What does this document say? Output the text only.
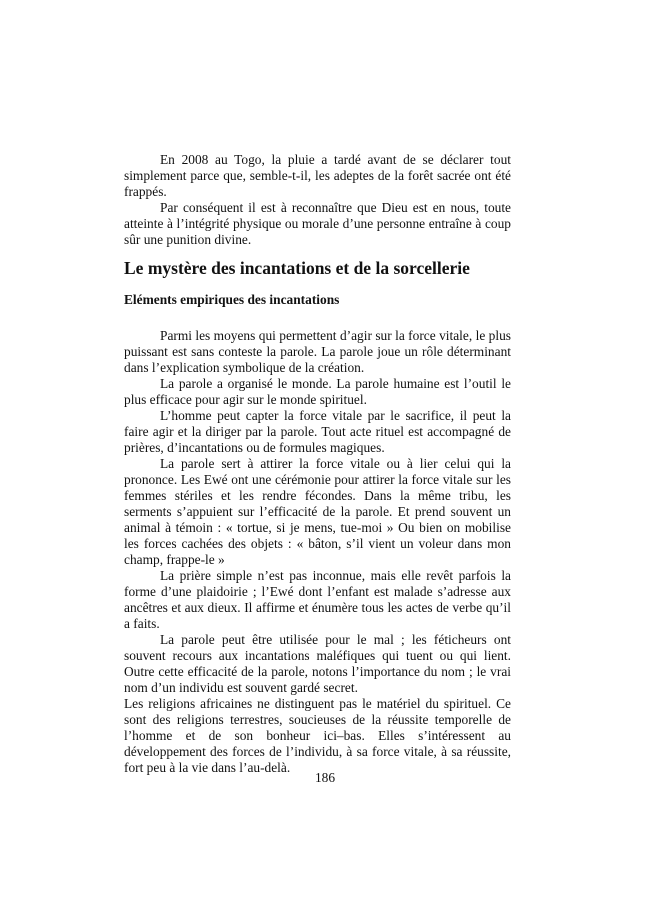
En 2008 au Togo, la pluie a tardé avant de se déclarer tout simplement parce que, semble-t-il, les adeptes de la forêt sacrée ont été frappés.

Par conséquent il est à reconnaître que Dieu est en nous, toute atteinte à l’intégrité physique ou morale d’une personne entraîne à coup sûr une punition divine.

Le mystère des incantations et de la sorcellerie
Eléments empiriques des incantations

Parmi les moyens qui permettent d’agir sur la force vitale, le plus puissant est sans conteste la parole. La parole joue un rôle déterminant dans l’explication symbolique de la création.

La parole a organisé le monde. La parole humaine est l’outil le plus efficace pour agir sur le monde spirituel.

L’homme peut capter la force vitale par le sacrifice, il peut la faire agir et la diriger par la parole. Tout acte rituel est accompagné de prières, d’incantations ou de formules magiques.

La parole sert à attirer la force vitale ou à lier celui qui la prononce. Les Ewé ont une cérémonie pour attirer la force vitale sur les femmes stériles et les rendre fécondes. Dans la même tribu, les serments s’appuient sur l’efficacité de la parole. Et prend souvent un animal à témoin : « tortue, si je mens, tue-moi » Ou bien on mobilise les forces cachées des objets : « bâton, s’il vient un voleur dans mon champ, frappe-le »

La prière simple n’est pas inconnue, mais elle revêt parfois la forme d’une plaidoirie ; l’Ewé dont l’enfant est malade s’adresse aux ancêtres et aux dieux. Il affirme et énumère tous les actes de verbe qu’il a faits.

La parole peut être utilisée pour le mal ; les féticheurs ont souvent recours aux incantations maléfiques qui tuent ou qui lient. Outre cette efficacité de la parole, notons l’importance du nom ; le vrai nom d’un individu est souvent gardé secret.

Les religions africaines ne distinguent pas le matériel du spirituel. Ce sont des religions terrestres, soucieuses de la réussite temporelle de l’homme et de son bonheur ici–bas. Elles s’intéressent au développement des forces de l’individu, à sa force vitale, à sa réussite, fort peu à la vie dans l’au-delà.

186
